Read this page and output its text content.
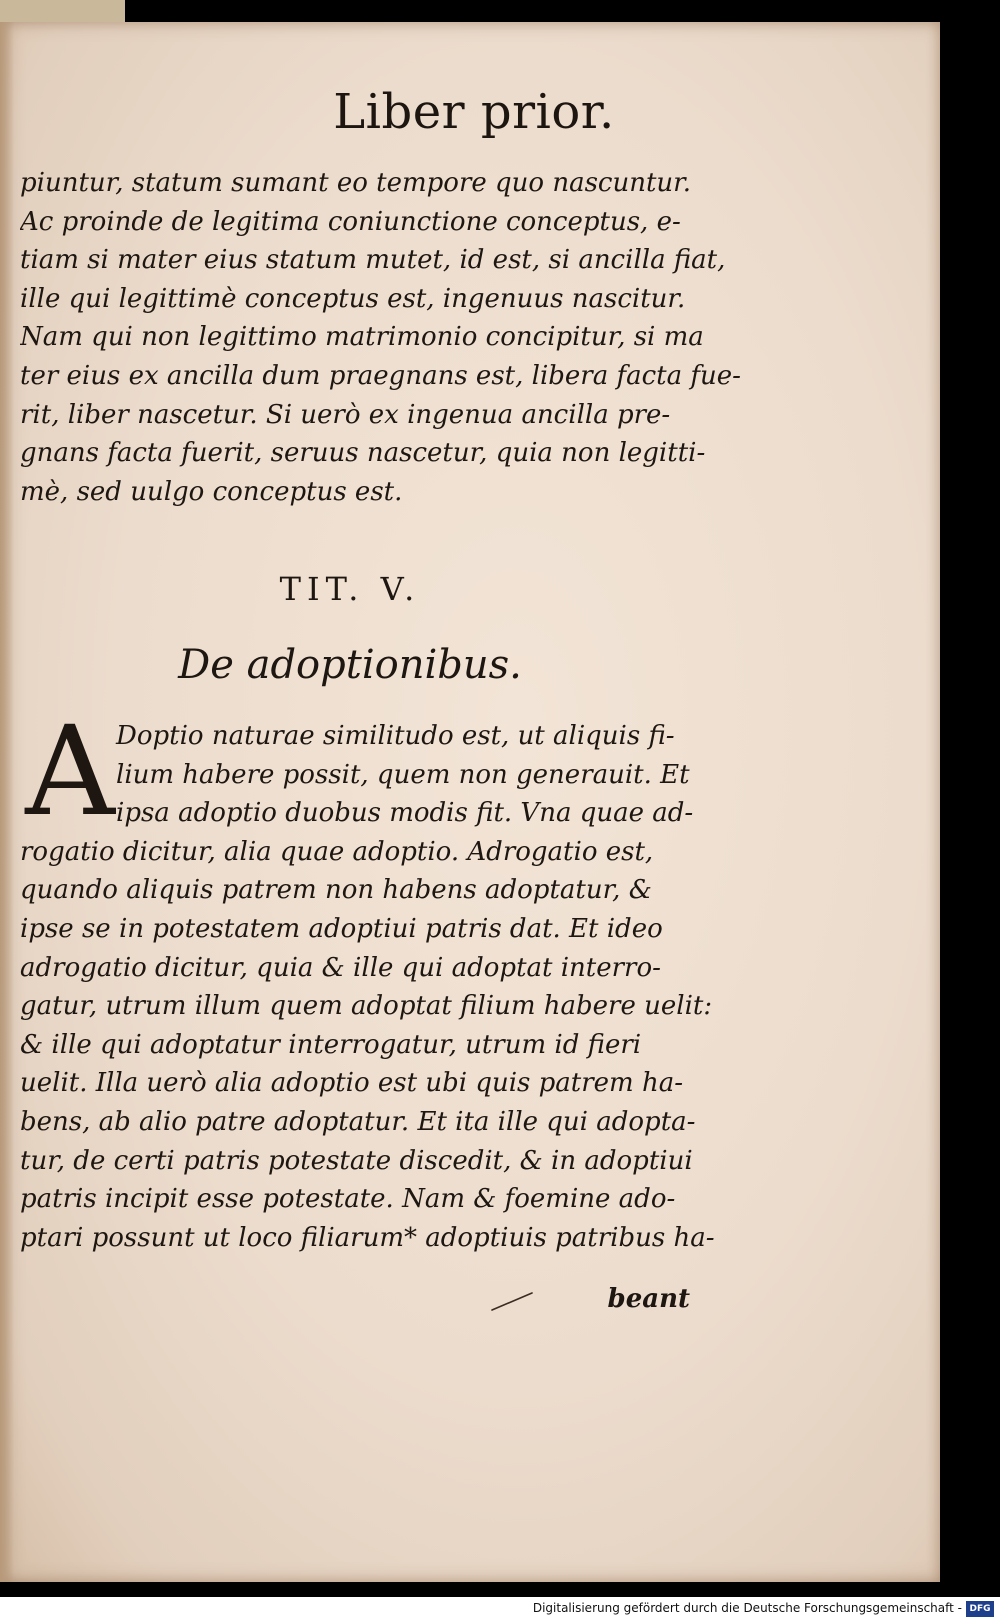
Liber prior.
piuntur, statum sumant eo tempore quo nascuntur.
Ac proinde de legitima coniunctione conceptus, e-
tiam si mater eius statum mutet, id est, si ancilla fiat,
ille qui legittimè conceptus est, ingenuus nascitur.
Nam qui non legittimo matrimonio concipitur, si ma
ter eius ex ancilla dum praegnans est, libera facta fue-
rit, liber nascetur. Si uerò ex ingenua ancilla pre-
gnans facta fuerit, seruus nascetur, quia non legitti-
mè, sed uulgo conceptus est.
TIT. V.
De adoptionibus.
A Doptio naturae similitudo est, ut aliquis fi-
lium habere possit, quem non generauit. Et
ipsa adoptio duobus modis fit. Vna quae ad-
rogatio dicitur, alia quae adoptio. Adrogatio est,
quando aliquis patrem non habens adoptatur, &
ipse se in potestatem adoptiui patris dat. Et ideo
adrogatio dicitur, quia & ille qui adoptat interro-
gatur, utrum illum quem adoptat filium habere uelit:
& ille qui adoptatur interrogatur, utrum id fieri
uelit. Illa uerò alia adoptio est ubi quis patrem ha-
bens, ab alio patre adoptatur. Et ita ille qui adopta-
tur, de certi patris potestate discedit, & in adoptiui
patris incipit esse potestate. Nam & foemine ado-
ptari possunt ut loco filiarum* adoptiuis patribus ha-
beant
Digitalisierung gefördert durch die Deutsche Forschungsgemeinschaft - DFG
